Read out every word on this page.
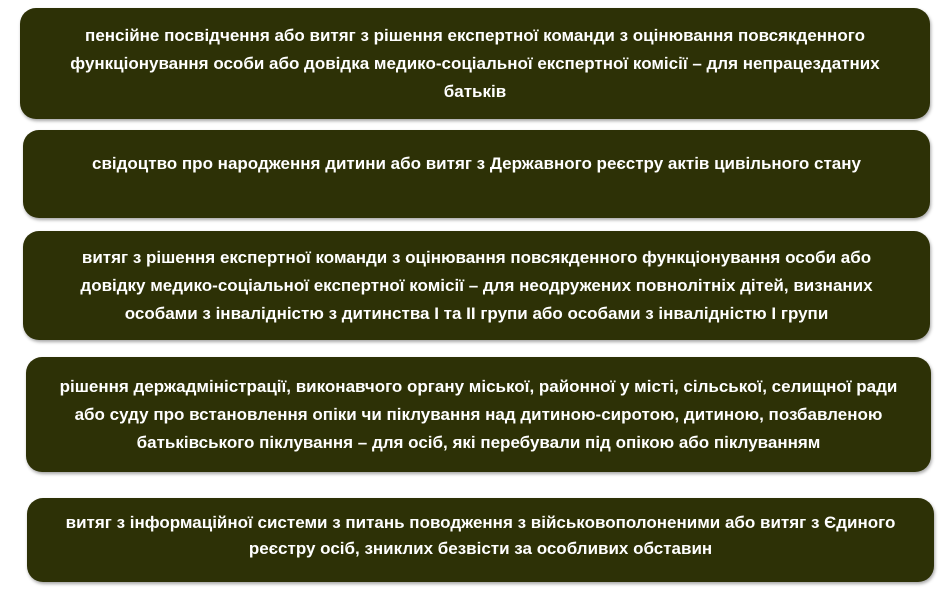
пенсійне посвідчення або витяг з рішення експертної команди з оцінювання повсякденного функціонування особи або довідка медико-соціальної експертної комісії – для непрацездатних батьків
свідоцтво про народження дитини або витяг з Державного реєстру актів цивільного стану
витяг з рішення експертної команди з оцінювання повсякденного функціонування особи або довідку медико-соціальної експертної комісії – для неодружених повнолітніх дітей, визнаних особами з інвалідністю з дитинства І та ІІ групи або особами з інвалідністю І групи
рішення держадміністрації, виконавчого органу міської, районної у місті, сільської, селищної ради або суду про встановлення опіки чи піклування над дитиною-сиротою, дитиною, позбавленою батьківського піклування – для осіб, які перебували під опікою або піклуванням
витяг з інформаційної системи з питань поводження з військовополоненими або витяг з Єдиного реєстру осіб, зниклих безвісти за особливих обставин
